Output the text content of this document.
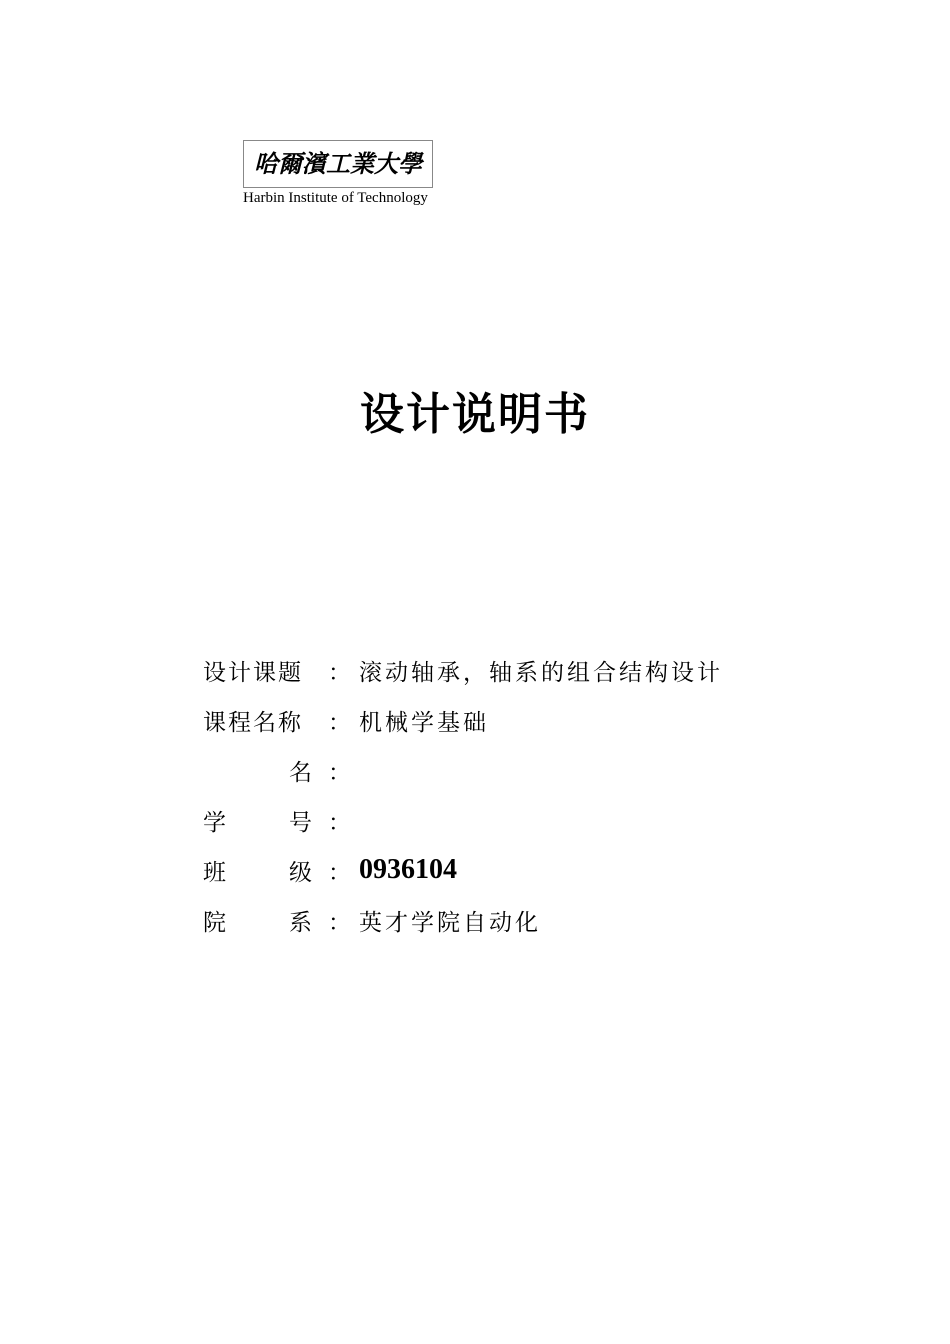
哈爾濱工業大學
Harbin Institute of Technology
设计说明书
设计课题	： 滚动轴承，轴系的组合结构设计
课程名称	： 机械学基础
名 ：
学	号 ：
班	级 ： 0936104
院	系 ： 英才学院自动化
